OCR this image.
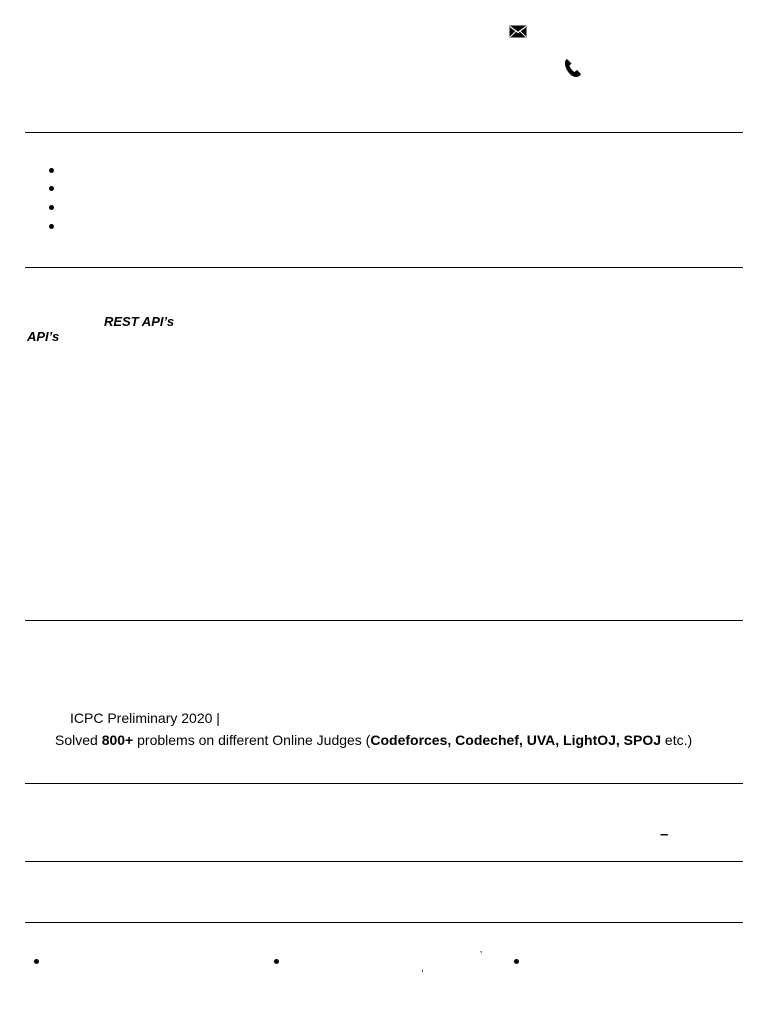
REST API’s
API’s
ICPC Preliminary 2020 |
Solved 800+ problems on different Online Judges (Codeforces, Codechef, UVA, LightOJ, SPOJ etc.)
–
’
,
